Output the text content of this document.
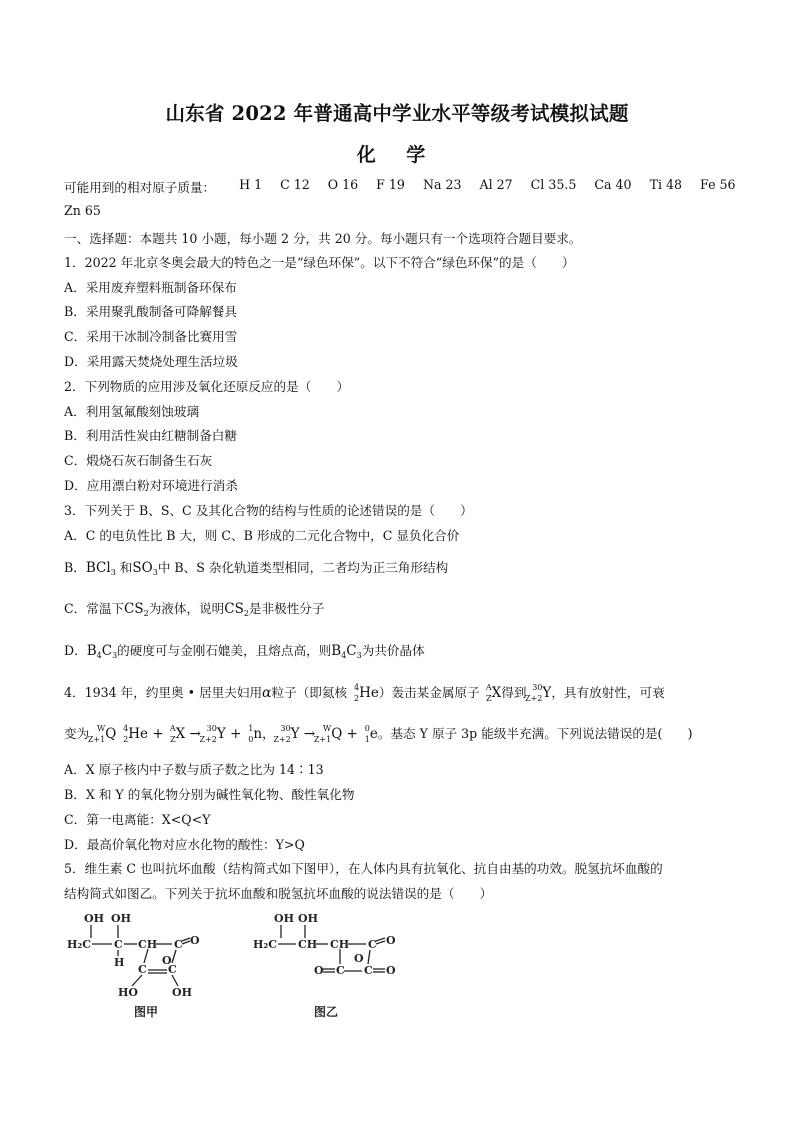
山东省 2022 年普通高中学业水平等级考试模拟试题
化 学
可能用到的相对原子质量： H 1 C 12 O 16 F 19 Na 23 Al 27 Cl 35.5 Ca 40 Ti 48 Fe 56
Zn 65
一、选择题：本题共 10 小题，每小题 2 分，共 20 分。每小题只有一个选项符合题目要求。
1．2022 年北京冬奥会最大的特色之一是“绿色环保”。以下不符合“绿色环保”的是（　　）
A．采用废弃塑料瓶制备环保布
B．采用聚乳酸制备可降解餐具
C．采用干冰制冷制备比赛用雪
D．采用露天焚烧处理生活垃圾
2．下列物质的应用涉及氧化还原反应的是（　　）
A．利用氢氟酸刻蚀玻璃
B．利用活性炭由红糖制备白糖
C．煅烧石灰石制备生石灰
D．应用漂白粉对环境进行消杀
3．下列关于 B、S、C 及其化合物的结构与性质的论述错误的是（　　）
A．C 的电负性比 B 大，则 C、B 形成的二元化合物中，C 显负化合价
B．BCl$_3$ 和$SO_3$中 B、S 杂化轨道类型相同，二者均为正三角形结构
C．常温下$CS_2$为液体，说明$CS_2$是非极性分子
D．$B_4C_3$的硬度可与金刚石媲美，且熔点高，则$B_4C_3$为共价晶体
4．1934 年，约里奥 • 居里夫妇用α粒子（即氦核 4
2 He）轰击某金属原子 A
Z X得到 30
Z+2 Y，具有放射性，可衰
变为 W
Z+1 Q 4
2 He + A
Z X → 30
Z+2 Y + 1
0 n， 30
Z+2 Y → W
Z+1 Q + 0
1 e。基态 Y 原子 3p 能级半充满。下列说法错误的是(　　)
A．X 原子核内中子数与质子数之比为 14∶13
B．X 和 Y 的氧化物分别为碱性氧化物、酸性氧化物
C．第一电离能：X<Q<Y
D．最高价氧化物对应水化物的酸性：Y>Q
5．维生素 C 也叫抗坏血酸（结构简式如下图甲），在人体内具有抗氧化、抗自由基的功效。脱氢抗坏血酸的
结构简式如图乙。下列关于抗坏血酸和脱氢抗坏血酸的说法错误的是（　　）
OH OH
H₂C C CH C O
H	O
C C
HO	OH
图甲
OH OH
H₂C CH CH C O
O
O C C O
图乙
